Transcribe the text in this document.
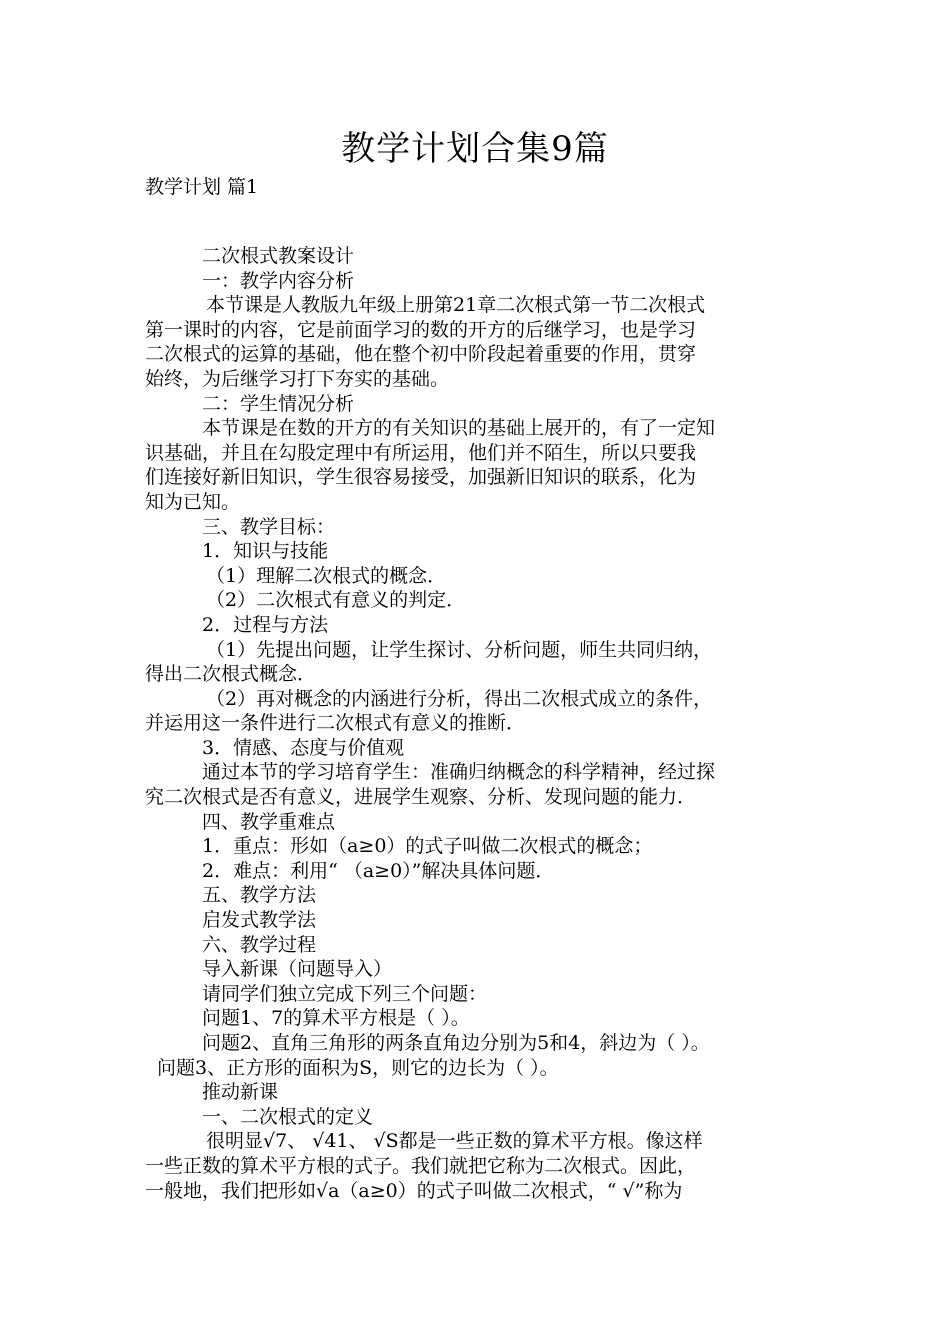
教学计划合集9篇
教学计划 篇1
二次根式教案设计
一：教学内容分析
本节课是人教版九年级上册第21章二次根式第一节二次根式
第一课时的内容，它是前面学习的数的开方的后继学习，也是学习
二次根式的运算的基础，他在整个初中阶段起着重要的作用，贯穿
始终，为后继学习打下夯实的基础。
二：学生情况分析
本节课是在数的开方的有关知识的基础上展开的，有了一定知
识基础，并且在勾股定理中有所运用，他们并不陌生，所以只要我
们连接好新旧知识，学生很容易接受，加强新旧知识的联系，化为
知为已知。
三、教学目标：
1．知识与技能
（1）理解二次根式的概念．
（2）二次根式有意义的判定．
2．过程与方法
（1）先提出问题，让学生探讨、分析问题，师生共同归纳，
得出二次根式概念．
（2）再对概念的内涵进行分析，得出二次根式成立的条件，
并运用这一条件进行二次根式有意义的推断．
3．情感、态度与价值观
通过本节的学习培育学生：准确归纳概念的科学精神，经过探
究二次根式是否有意义，进展学生观察、分析、发现问题的能力．
四、教学重难点
1．重点：形如（a≥0）的式子叫做二次根式的概念；
2．难点：利用“ （a≥0）”解决具体问题．
五、教学方法
启发式教学法
六、教学过程
导入新课（问题导入）
请同学们独立完成下列三个问题：
问题1、7的算术平方根是（ ）。
问题2、直角三角形的两条直角边分别为5和4，斜边为（ ）。
问题3、正方形的面积为S，则它的边长为（ ）。
推动新课
一、二次根式的定义
很明显√7、 √41、 √S都是一些正数的算术平方根。像这样
一些正数的算术平方根的式子。我们就把它称为二次根式。因此，
一般地，我们把形如√a（a≥0）的式子叫做二次根式，“ √”称为
